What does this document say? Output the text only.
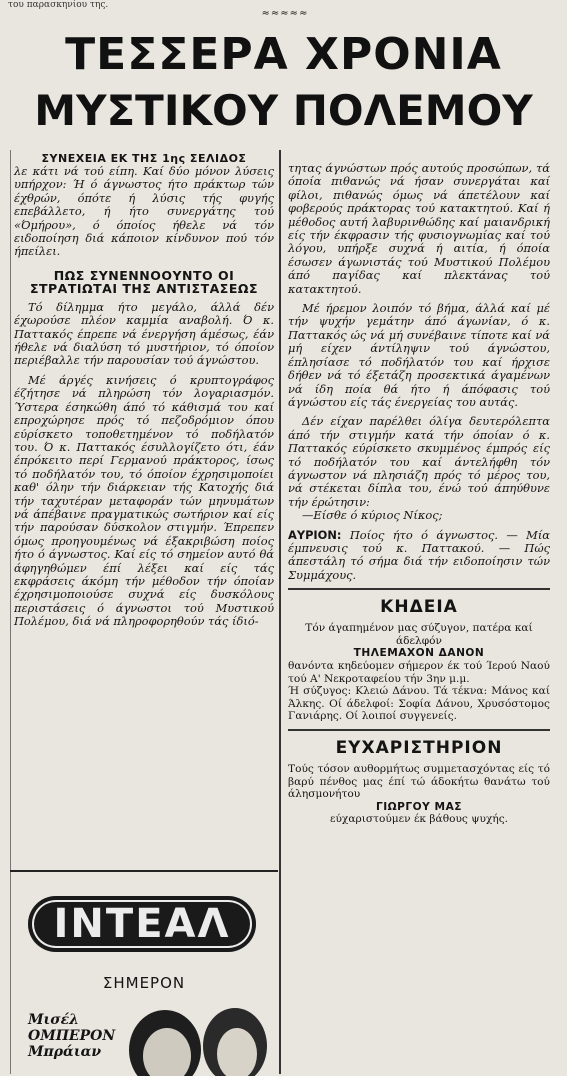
του παρασκηνίου της.
≈≈≈≈≈
ΤΕΣΣΕΡΑ ΧΡΟΝΙΑ
ΜΥΣΤΙΚΟΥ ΠΟΛΕΜΟΥ
ΣΥΝΕΧΕΙΑ ΕΚ ΤΗΣ 1ης ΣΕΛΙΔΟΣ

λε κάτι νά τού είπη. Καί δύο μόνον λύσεις υπήρχον: Ή ό άγνωστος ήτο πράκτωρ τών έχθρών, όπότε ή λύσις τής φυγής επεβάλλετο, ή ήτο συνεργάτης τού «Όμήρου», ό όποίος ήθελε νά τόν ειδοποίηση διά κάποιον κίνδυνον πού τόν ήπείλει.

ΠΩΣ ΣΥΝΕΝΝΟΟΥΝΤΟ ΟΙ ΣΤΡΑΤΙΩΤΑΙ ΤΗΣ ΑΝΤΙΣΤΑΣΕΩΣ

Τό δίλημμα ήτο μεγάλο, άλλά δέν έχωρούσε πλέον καμμία αναβολή. Ό κ. Παττακός έπρεπε νά ένεργήση άμέσως, έάν ήθελε νά διαλύση τό μυστήριον, τό όποίον περιέβαλλε τήν παρουσίαν τού άγνώστου.

Μέ άργές κινήσεις ό κρυπτογράφος έζήτησε νά πληρώση τόν λογαριασμόν. Ύστερα έσηκώθη άπό τό κάθισμά του καί επροχώρησε πρός τό πεζοδρόμιον όπου εύρίσκετο τοποθετημένον τό ποδήλατόν του. Ό κ. Παττακός έσυλλογίζετο ότι, έάν έπρόκειτο περί Γερμανού πράκτορος, ίσως τό ποδήλατόν του, τό όποίον έχρησιμοποίει καθ' όλην τήν διάρκειαν τής Κατοχής διά τήν ταχυτέραν μεταφοράν τών μηνυμάτων νά άπέβαινε πραγματικώς σωτήριον καί είς τήν παρούσαν δύσκολον στιγμήν. Έπρεπεν όμως προηγουμένως νά έξακριβώση ποίος ήτο ό άγνωστος. Καί είς τό σημείον αυτό θά άφηγηθώμεν έπί λέξει καί είς τάς εκφράσεις άκόμη τήν μέθοδον τήν όποίαν έχρησιμοποιούσε συχνά είς δυσκόλους περιστάσεις ό άγνωστοι τού Μυστικού Πολέμου, διά νά πληροφορηθούν τάς ίδιό-

τητας άγνώστων πρός αυτούς προσώπων, τά όποία πιθανώς νά ήσαν συνεργάται καί φίλοι, πιθανώς όμως νά άπετέλουν καί φοβερούς πράκτορας τού κατακτητού. Καί ή μέθοδος αυτή λαβυρινθώδης καί μαιανδρική είς τήν έκφρασιν τής φυσιογνωμίας καί τού λόγου, υπήρξε συχνά ή αιτία, ή όποία έσωσεν άγωνιστάς τού Μυστικού Πολέμου άπό παγίδας καί πλεκτάνας τού κατακτητού.

Μέ ήρεμον λοιπόν τό βήμα, άλλά καί μέ τήν ψυχήν γεμάτην άπό άγωνίαν, ό κ. Παττακός ώς νά μή συνέβαινε τίποτε καί νά μή είχεν άντίληψιν τού άγνώστου, έπλησίασε τό ποδήλατόν του καί ήρχισε δήθεν νά τό έξετάζη προσεκτικά άγαμένων νά ίδη ποία θά ήτο ή άπόφασις τού άγνώστου είς τάς ένεργείας του αυτάς.

Δέν είχαν παρέλθει όλίγα δευτερόλεπτα άπό τήν στιγμήν κατά τήν όποίαν ό κ. Παττακός εύρίσκετο σκυμμένος έμπρός είς τό ποδήλατόν του καί άντελήφθη τόν άγνωστον νά πλησιάζη πρός τό μέρος του, νά στέκεται δίπλα του, ένώ τού άπηύθυνε τήν έρώτησιν:

—Είσθε ό κύριος Νίκος;

ΑΥΡΙΟΝ: Ποίος ήτο ό άγνωστος. — Μία έμπνευσις τού κ. Παττακού. — Πώς άπεστάλη τό σήμα διά τήν ειδοποίησιν τών Συμμάχους.

ΚΗΔΕΙΑ

Τόν άγαπημένον μας σύζυγον, πατέρα καί άδελφόν

ΤΗΛΕΜΑΧΟΝ ΔΑΝΟΝ

θανόντα κηδεύομεν σήμερον έκ τού Ίερού Ναού τού Α' Νεκροταφείου τήν 3ην μ.μ.

Ή σύζυγος: Κλειώ Δάνου. Τά τέκνα: Μάνος καί Άλκης. Οί άδελφοί: Σοφία Δάνου, Χρυσόστομος Γανιάρης. Οί λοιποί συγγενείς.

ΕΥΧΑΡΙΣΤΗΡΙΟΝ

Τούς τόσον αυθορμήτως συμμετασχόντας είς τό βαρύ πένθος μας έπί τώ άδοκήτω θανάτω τού άλησμονήτου

ΓΙΩΡΓΟΥ ΜΑΣ

εύχαριστούμεν έκ βάθους ψυχής.

ΙΝΤΕΑΛ
ΣΗΜΕΡΟΝ
Μισέλ ΟΜΠΕΡΟΝ Μπράιαν
